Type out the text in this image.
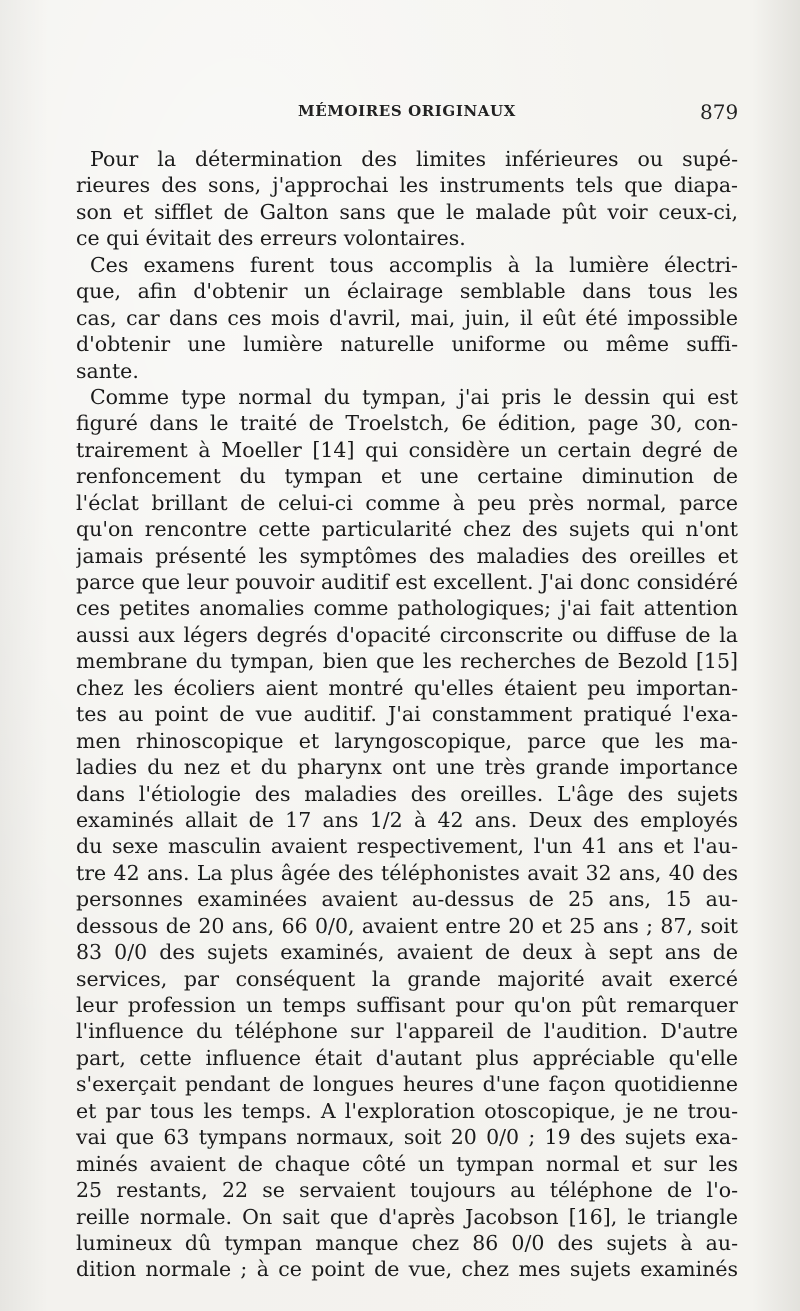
MÉMOIRES ORIGINAUX	879
Pour la détermination des limites inférieures ou supé-
rieures des sons, j'approchai les instruments tels que diapa-
son et sifflet de Galton sans que le malade pût voir ceux-ci,
ce qui évitait des erreurs volontaires.
Ces examens furent tous accomplis à la lumière électri-
que, afin d'obtenir un éclairage semblable dans tous les
cas, car dans ces mois d'avril, mai, juin, il eût été impossible
d'obtenir une lumière naturelle uniforme ou même suffi-
sante.
Comme type normal du tympan, j'ai pris le dessin qui est
figuré dans le traité de Troelstch, 6e édition, page 30, con-
trairement à Moeller [14] qui considère un certain degré de
renfoncement du tympan et une certaine diminution de
l'éclat brillant de celui-ci comme à peu près normal, parce
qu'on rencontre cette particularité chez des sujets qui n'ont
jamais présenté les symptômes des maladies des oreilles et
parce que leur pouvoir auditif est excellent. J'ai donc considéré
ces petites anomalies comme pathologiques; j'ai fait attention
aussi aux légers degrés d'opacité circonscrite ou diffuse de la
membrane du tympan, bien que les recherches de Bezold [15]
chez les écoliers aient montré qu'elles étaient peu importan-
tes au point de vue auditif. J'ai constamment pratiqué l'exa-
men rhinoscopique et laryngoscopique, parce que les ma-
ladies du nez et du pharynx ont une très grande importance
dans l'étiologie des maladies des oreilles. L'âge des sujets
examinés allait de 17 ans 1/2 à 42 ans. Deux des employés
du sexe masculin avaient respectivement, l'un 41 ans et l'au-
tre 42 ans. La plus âgée des téléphonistes avait 32 ans, 40 des
personnes examinées avaient au-dessus de 25 ans, 15 au-
dessous de 20 ans, 66 0/0, avaient entre 20 et 25 ans ; 87, soit
83 0/0 des sujets examinés, avaient de deux à sept ans de
services, par conséquent la grande majorité avait exercé
leur profession un temps suffisant pour qu'on pût remarquer
l'influence du téléphone sur l'appareil de l'audition. D'autre
part, cette influence était d'autant plus appréciable qu'elle
s'exerçait pendant de longues heures d'une façon quotidienne
et par tous les temps. A l'exploration otoscopique, je ne trou-
vai que 63 tympans normaux, soit 20 0/0 ; 19 des sujets exa-
minés avaient de chaque côté un tympan normal et sur les
25 restants, 22 se servaient toujours au téléphone de l'o-
reille normale. On sait que d'après Jacobson [16], le triangle
lumineux dû tympan manque chez 86 0/0 des sujets à au-
dition normale ; à ce point de vue, chez mes sujets examinés
